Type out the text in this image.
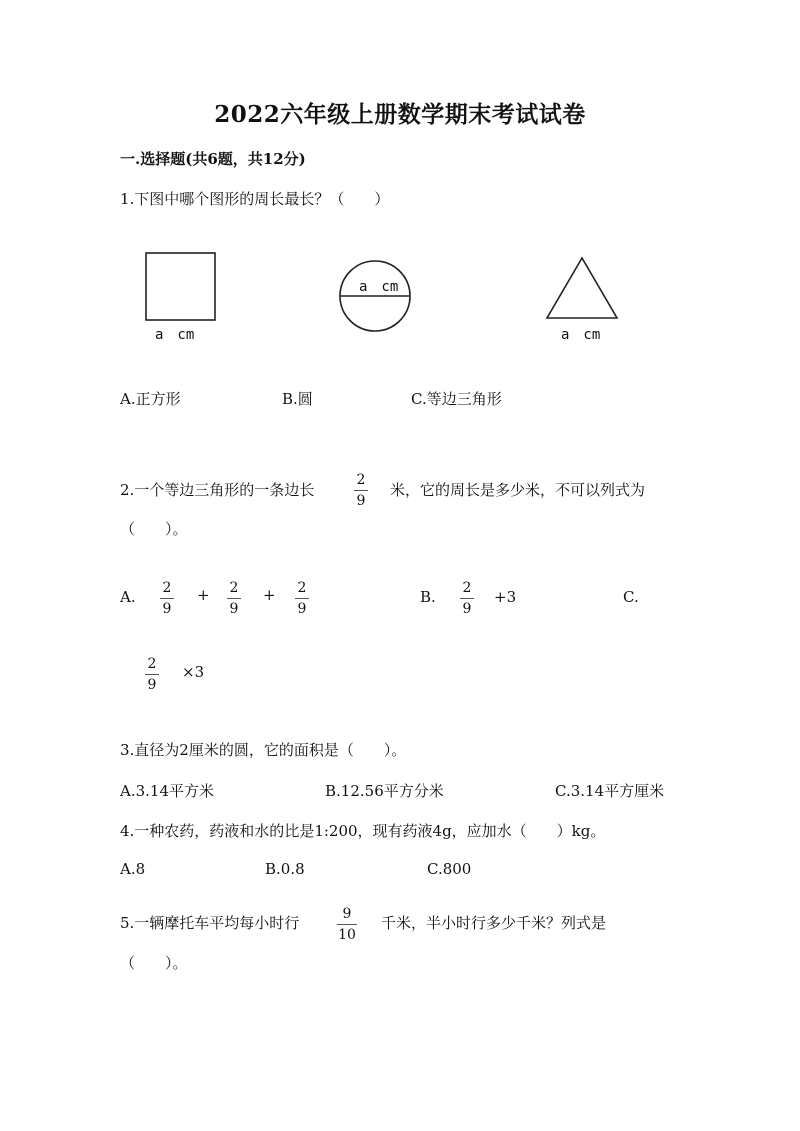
2022六年级上册数学期末考试试卷
一.选择题(共6题，共12分)
1.下图中哪个图形的周长最长？（　　）
a　cm
a　cm
a　cm
A.正方形	B.圆	C.等边三角形
2.一个等边三角形的一条边长
2
9
米，它的周长是多少米，不可以列式为
（　　）。
A. 2
9
+ 2
9
+ 2
9
B. 2
9
+3	C.
2
9
×3
3.直径为2厘米的圆，它的面积是（　　）。
A.3.14平方米	B.12.56平方分米	C.3.14平方厘米
4.一种农药，药液和水的比是1:200，现有药液4g，应加水（　　）kg。
A.8	B.0.8	C.800
5.一辆摩托车平均每小时行	9
10
千米，半小时行多少千米？列式是
（　　）。
